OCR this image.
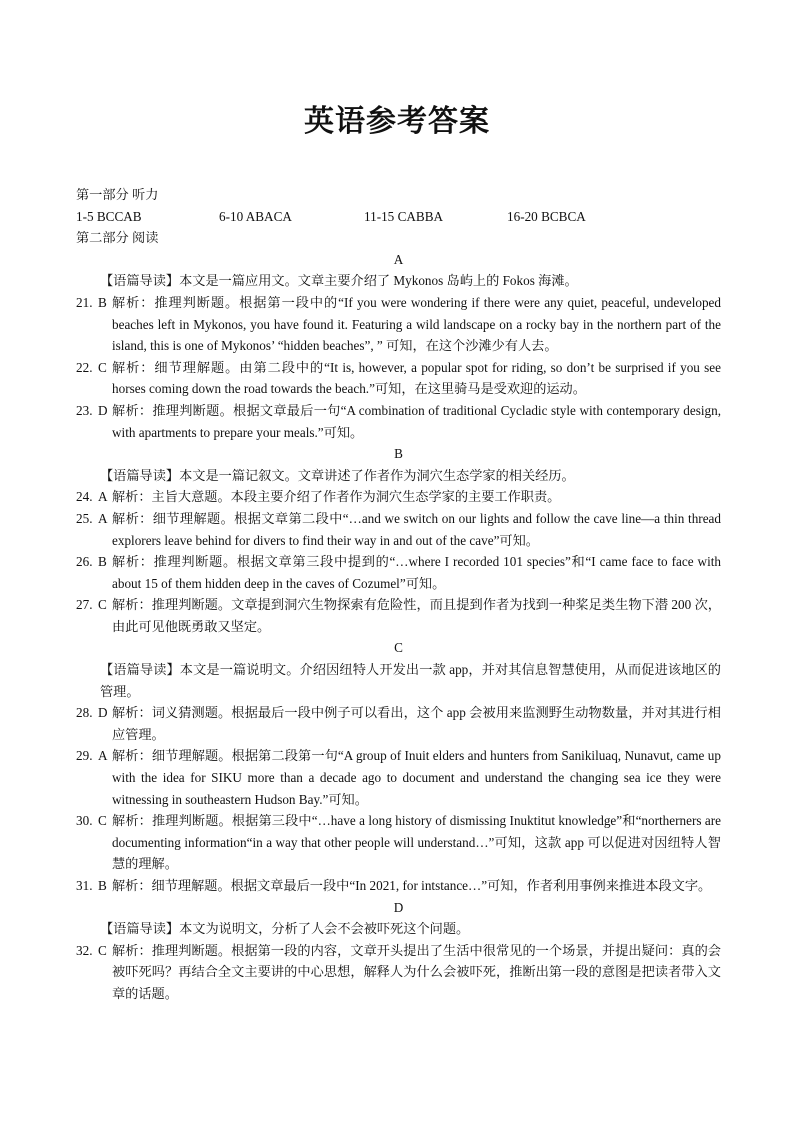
英语参考答案
第一部分 听力
1-5 BCCAB	6-10 ABACA	11-15 CABBA	16-20 BCBCA
第二部分 阅读
A
【语篇导读】本文是一篇应用文。文章主要介绍了 Mykonos 岛屿上的 Fokos 海滩。
21. B 解析：推理判断题。根据第一段中的“If you were wondering if there were any quiet, peaceful, undeveloped beaches left in Mykonos, you have found it. Featuring a wild landscape on a rocky bay in the northern part of the island, this is one of Mykonos’ “hidden beaches”, ” 可知，在这个沙滩少有人去。
22. C 解析：细节理解题。由第二段中的“It is, however, a popular spot for riding, so don’t be surprised if you see horses coming down the road towards the beach.”可知，在这里骑马是受欢迎的运动。
23. D 解析：推理判断题。根据文章最后一句“A combination of traditional Cycladic style with contemporary design, with apartments to prepare your meals.”可知。
B
【语篇导读】本文是一篇记叙文。文章讲述了作者作为洞穴生态学家的相关经历。
24. A 解析：主旨大意题。本段主要介绍了作者作为洞穴生态学家的主要工作职责。
25. A 解析：细节理解题。根据文章第二段中“…and we switch on our lights and follow the cave line—a thin thread explorers leave behind for divers to find their way in and out of the cave”可知。
26. B 解析：推理判断题。根据文章第三段中提到的“…where I recorded 101 species”和“I came face to face with about 15 of them hidden deep in the caves of Cozumel”可知。
27. C 解析：推理判断题。文章提到洞穴生物探索有危险性，而且提到作者为找到一种桨足类生物下潜 200 次，由此可见他既勇敢又坚定。
C
【语篇导读】本文是一篇说明文。介绍因纽特人开发出一款 app，并对其信息智慧使用，从而促进该地区的管理。
28. D 解析：词义猜测题。根据最后一段中例子可以看出，这个 app 会被用来监测野生动物数量，并对其进行相应管理。
29. A 解析：细节理解题。根据第二段第一句“A group of Inuit elders and hunters from Sanikiluaq, Nunavut, came up with the idea for SIKU more than a decade ago to document and understand the changing sea ice they were witnessing in southeastern Hudson Bay.”可知。
30. C 解析：推理判断题。根据第三段中“…have a long history of dismissing Inuktitut knowledge”和“northerners are documenting information“in a way that other people will understand…”可知，这款 app 可以促进对因纽特人智慧的理解。
31. B 解析：细节理解题。根据文章最后一段中“In 2021, for intstance…”可知，作者利用事例来推进本段文字。
D
【语篇导读】本文为说明文，分析了人会不会被吓死这个问题。
32. C 解析：推理判断题。根据第一段的内容，文章开头提出了生活中很常见的一个场景，并提出疑问：真的会被吓死吗？再结合全文主要讲的中心思想，解释人为什么会被吓死，推断出第一段的意图是把读者带入文章的话题。
